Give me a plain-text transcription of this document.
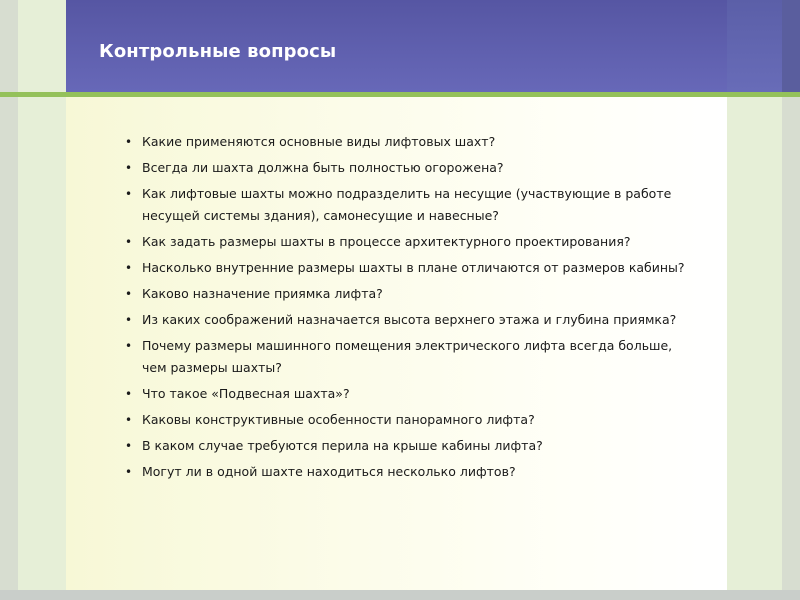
Контрольные вопросы
• Какие применяются основные виды лифтовых шахт?
• Всегда ли шахта должна быть полностью огорожена?
• Как лифтовые шахты можно подразделить на несущие (участвующие в работе несущей системы здания), самонесущие и навесные?
• Как задать размеры шахты в процессе архитектурного проектирования?
• Насколько внутренние размеры шахты в плане отличаются от размеров кабины?
• Каково назначение приямка лифта?
• Из каких соображений назначается высота верхнего этажа и глубина приямка?
• Почему размеры машинного помещения электрического лифта всегда больше, чем размеры шахты?
• Что такое «Подвесная шахта»?
• Каковы конструктивные особенности панорамного лифта?
• В каком случае требуются перила на крыше кабины лифта?
• Могут ли в одной шахте находиться несколько лифтов?
